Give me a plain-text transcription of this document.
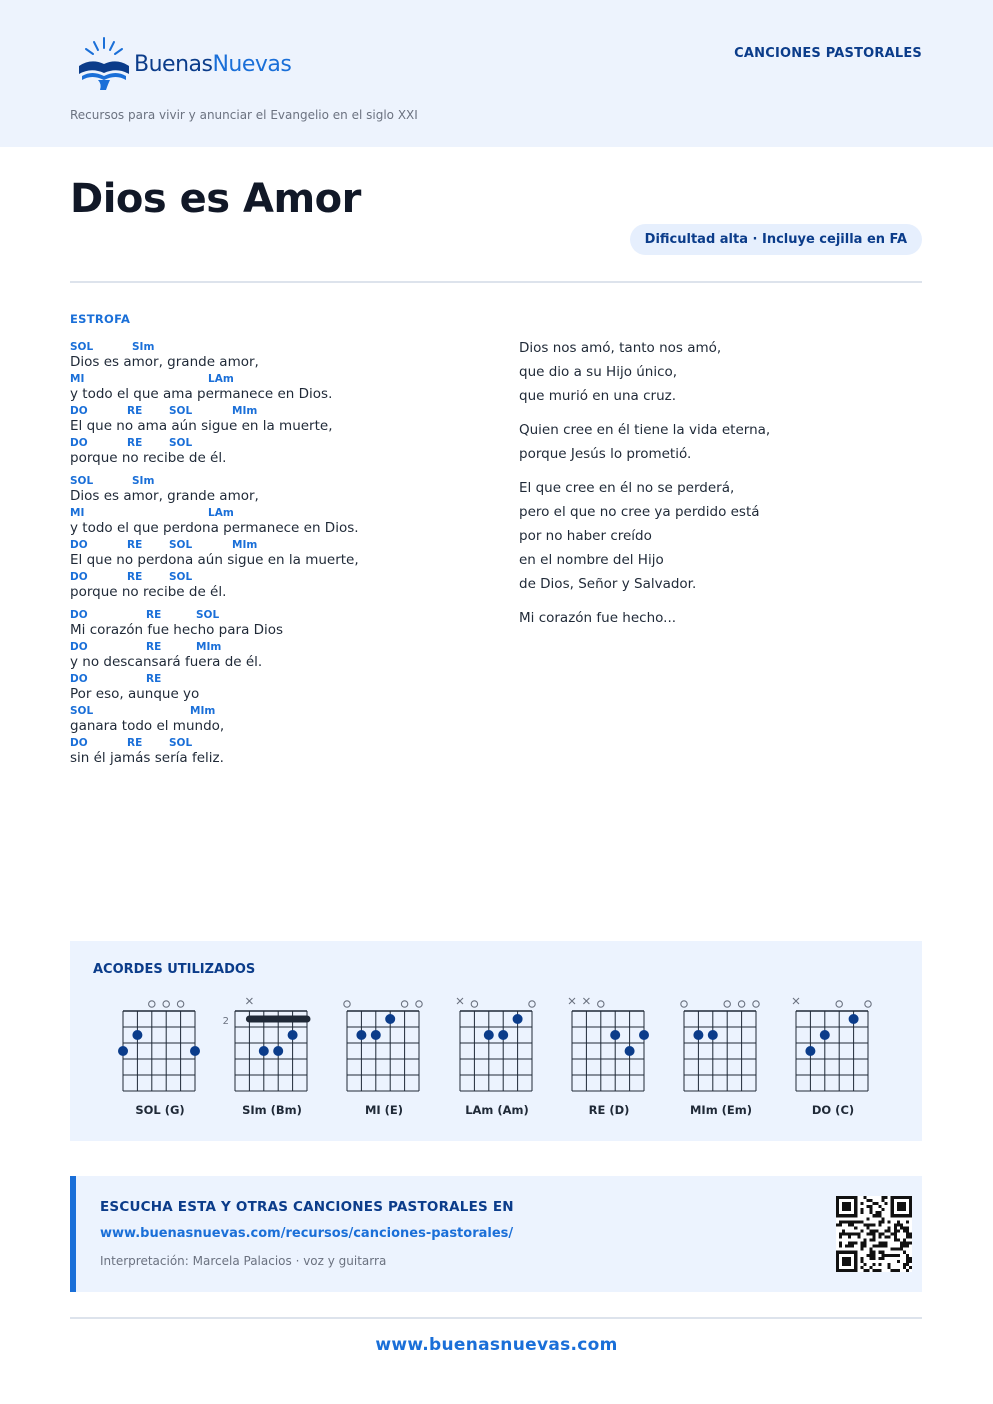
BuenasNuevas	CANCIONES PASTORALES
Recursos para vivir y anunciar el Evangelio en el siglo XXI
Dios es Amor
Dificultad alta · Incluye cejilla en FA
ESTROFA
SOL	SIm
Dios es amor, grande amor,
MI	LAm
y todo el que ama permanece en Dios.
DO	RE	SOL	MIm
El que no ama aún sigue en la muerte,
DO	RE	SOL
porque no recibe de él.
SOL	SIm
Dios es amor, grande amor,
MI	LAm
y todo el que perdona permanece en Dios.
DO	RE	SOL	MIm
El que no perdona aún sigue en la muerte,
DO	RE	SOL
porque no recibe de él.
DO	RE	SOL
Mi corazón fue hecho para Dios
DO	RE	MIm
y no descansará fuera de él.
DO	RE
Por eso, aunque yo
SOL	MIm
ganara todo el mundo,
DO	RE	SOL
sin él jamás sería feliz.
Dios nos amó, tanto nos amó,
que dio a su Hijo único,
que murió en una cruz.
Quien cree en él tiene la vida eterna,
porque Jesús lo prometió.
El que cree en él no se perderá,
pero el que no cree ya perdido está
por no haber creído
en el nombre del Hijo
de Dios, Señor y Salvador.
Mi corazón fue hecho...
ACORDES UTILIZADOS
SOL (G)
2
SIm (Bm)	MI (E)	LAm (Am)	RE (D)	MIm (Em)	DO (C)
ESCUCHA ESTA Y OTRAS CANCIONES PASTORALES EN
www.buenasnuevas.com/recursos/canciones-pastorales/
Interpretación: Marcela Palacios · voz y guitarra
www.buenasnuevas.com
